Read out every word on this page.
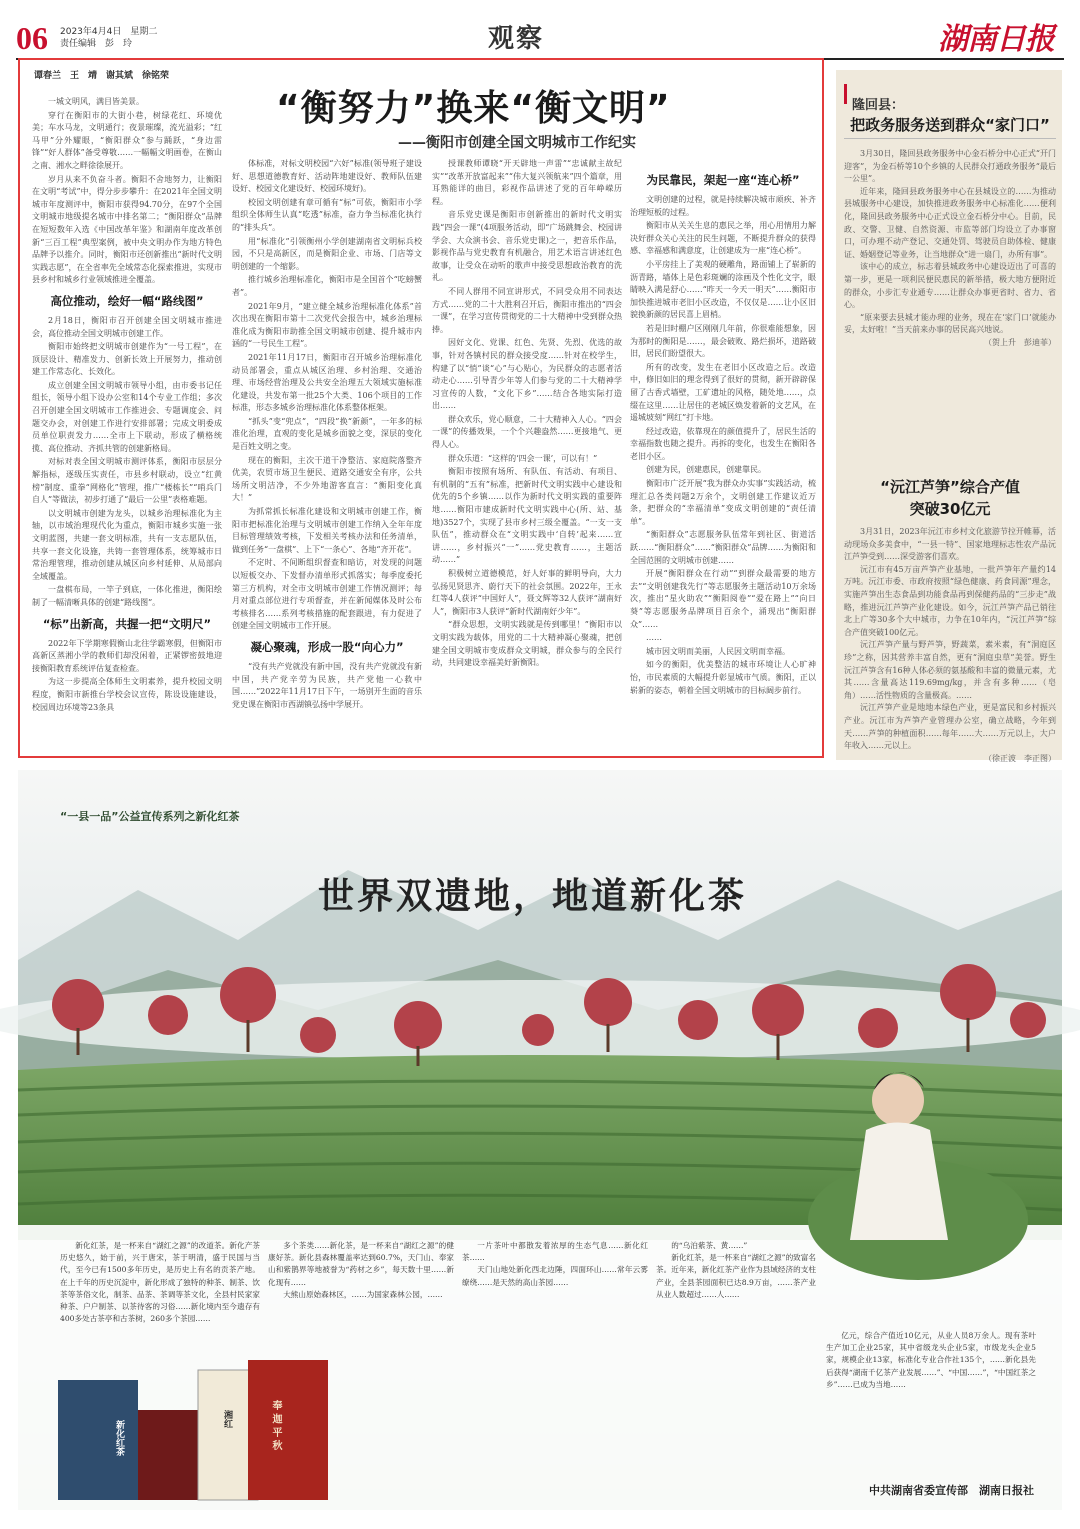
06 2023年4月4日　星期二
责任编辑　彭　玲	观察	湖南日报
谭春兰　王　靖　谢其斌　徐铭荣
“衡努力”换来“衡文明”
——衡阳市创建全国文明城市工作纪实

一城文明风，满目皆美景。

穿行在衡阳市的大街小巷，树绿花红、环境优美；车水马龙，文明通行；夜景璀璨，流光溢彩；“红马甲”分外耀眼，“衡阳群众”参与踊跃，“身边雷锋”“好人群体”备受尊敬……一幅幅文明画卷，在衡山之南、湘水之畔徐徐展开。

岁月从来不负奋斗者。衡阳不舍地努力，让衡阳在文明“考试”中，得分步步攀升：在2021年全国文明城市年度测评中，衡阳市获得94.70分，在97个全国文明城市地级提名城市中排名第二；“衡阳群众”品牌在短短数年入选《中国改革年鉴》和湖南年度改革创新“三百工程”典型案例，被中央文明办作为地方特色品牌予以推介。同时，衡阳市还创新推出“新时代文明实践志愿”，在全省率先全域常态化探索推进，实现市县乡村和城乡行业领域推进全覆盖。

高位推动，绘好一幅“路线图”

2月18日，衡阳市召开创建全国文明城市推进会，高位推动全国文明城市创建工作。

衡阳市始终把文明城市创建作为“一号工程”，在顶层设计、精准发力、创新长效上开展努力，推动创建工作常态化、长效化。

成立创建全国文明城市领导小组，由市委书记任组长，领导小组下设办公室和14个专业工作组；多次召开创建全国文明城市工作推进会、专题调度会、问题交办会，对创建工作进行安排部署；完成文明委成员单位职责发力……全市上下联动，形成了横格统揽、高位推动、齐抓共管的创建新格局。

对标对表全国文明城市测评体系，衡阳市层层分解指标，逐级压实责任，市县乡村联动，设立“红黄榜”制度、重拳“网格化”管理，推广“楼栋长”“哨兵门自人”等做法，初步打通了“最后一公里”表格难题。

以文明城市创建为龙头，以城乡治理标准化为主轴，以市域治理现代化为重点，衡阳市城乡实施一张文明蓝图，共建一套文明标准，共有一支志愿队伍，共享一套文化设施，共铸一套管理体系，统筹城市日常治理管理，推动创建从城区向乡村延伸、从局部向全域覆盖。

一盘棋布局，一竿子到底，一体化推进，衡阳绘制了一幅清晰具体的创建“路线图”。

“标”出新高，共握一把“文明尺”

2022年下学期寒假衡山北往学霸寒假，但衡阳市高新区蒸湘小学的教师们却没闲着，正紧锣密鼓地迎接衡阳教育系统评估复查检查。

为这一步提高全体师生文明素养，提升校园文明程度，衡阳市新推台学校会议宣传，陈设设施建设，校园周边环境等23条具

体标准，对标文明校园“六好”标准(领导班子建设好、思想道德教育好、活动阵地建设好、教师队伍建设好、校园文化建设好、校园环境好)。

校园文明创建有章可循有“标”可依，衡阳市小学组织全体师生认真“吃透”标准，奋力争当标准化执行的“排头兵”。

用“标准化”引领衡州小学创建湖南省文明标兵校园，不只是高新区，而是衡阳企业、市场、门店等文明创建的一个缩影。

推行城乡治理标准化，衡阳市是全国首个“吃螃蟹者”。

2021年9月，“建立健全城乡治理标准化体系”首次出现在衡阳市第十二次党代会报告中，城乡治理标准化成为衡阳市助推全国文明城市创建、提升城市内涵的“一号民生工程”。

2021年11月17日，衡阳市召开城乡治理标准化动员部署会，重点从城区治理、乡村治理、交通治理、市场经营治理及公共安全治理五大领域实施标准化建设，共发布第一批25个大类、106个项目的工作标准，形态多城乡治理标准化体系整体框架。

“抓头”变“兜点”，“四段”换“新颜”，一年多的标准化治理，直观的变化是城乡面貌之变，深层的变化是百姓文明之变。

现在的衡阳，主次干道干净整洁、家庭院落整齐优美，农贸市场卫生便民、道路交通安全有序，公共场所文明洁净，不少外地游客直言：“衡阳变化真大！”

为抓常抓长标准化建设和文明城市创建工作，衡阳市把标准化治理与文明城市创建工作纳入全年年度目标管理绩效考核，下发相关考核办法和任务清单，做到任务“一盘棋”、上下“一条心”、各地“齐开花”。

不定时、不间断组织督查和暗访，对发现的问题以短板交办、下发督办清单形式抓落实；每季度委托第三方机构，对全市文明城市创建工作情况测评；每月对重点部位进行专项督查，并在新闻媒体及时公布考核排名……系列考核措施的配套跟进，有力促进了创建全国文明城市工作开展。

凝心聚魂，形成一股“向心力”

“没有共产党就没有新中国，没有共产党就没有新中国，共产党辛劳为民族，共产党他一心救中国……”2022年11月17日下午，一场别开生面的音乐党史课在衡阳市西湖镇弘扬中学展开。

授课教师谭晓“开天辟地一声雷”“忠诚献主故纪实”“改革开放富起来”“伟大复兴领航来”四个篇章，用耳熟能详的曲目，彩视作品讲述了党的百年峥嵘历程。

音乐党史课是衡阳市创新推出的新时代文明实践“四会一课”(4项服务活动，即“广场跳舞会、校园讲学会、大众演书会、音乐党史课)之一，把音乐作品，影视作品与党史教育有机融合，用艺术语言讲述红色故事，让受众在动听的歌声中接受思想政治教育的洗礼。

不同人群用不同宣讲形式，不同受众用不同表达方式……党的二十大胜利召开后，衡阳市推出的“四会一课”，在学习宣传贯彻党的二十大精神中受到群众热捧。

因好文化、党课、红色、先贤、先烈、优选的故事，针对各镇村民的群众接受度……针对在校学生，构建了以“悄”谈“心”与心贴心，为民群众的志愿者活动走心……引导青少年等人们参与党的二十大精神学习宣传的人数，“文化下乡”……结合各地实际打造出……

群众欢乐，党心顺意，二十大精神入人心。“四会一课”的传播效果，一个个兴趣盎然……更接地气、更得人心。

群众乐道：“这样的‘四会一课’，可以有！”

衡阳市按照有场所、有队伍、有活动、有项目、有机制的“五有”标准，把新时代文明实践中心建设和优先的5个乡镇……以作为新时代文明实践的重要阵地……衡阳市建成新时代文明实践中心(所、站、基地)3527个，实现了县市乡村三级全覆盖。“一支一支队伍”，推动群众在“文明实践中‘自转’起来……宣讲……，乡村振兴“一”……党史教育……，主题活动……”

积极树立道德模范，好人好事的鲜明导向，大力弘扬见贤思齐、蔚行天下的社会氛围。2022年，王永红等4人获评“中国好人”，聂文辉等32人获评“湖南好人”，衡阳市3人获评“新时代湖南好少年”。

“群众思想，文明实践就是传到哪里！”衡阳市以文明实践为载体，用党的二十大精神凝心聚魂，把创建全国文明城市变成群众文明城，群众参与的全民行动，共同建设幸福美好新衡阳。

为民靠民，架起一座“连心桥”

文明创建的过程，就是持续解决城市顽疾、补齐治理短板的过程。

衡阳市从关关生息的惠民之举，用心用情用力解决好群众关心关注的民生问题，不断提升群众的获得感、幸福感和满意度，让创建成为一座“连心桥”。

小平房挂上了美观的硬雕角，路面铺上了崭新的沥青路，墙体上是色彩斑斓的涂画及个性化文字，眼睛映入满是舒心……“昨天一今天一明天”……衡阳市加快推进城市老旧小区改造，不仅仅是……让小区旧貌换新颜的居民喜上眉梢。

若是旧时棚户区刚刚几年前，你很难能想象，因为那时的衡阳是……，最会破败、路烂损坏，道路破旧，居民们盼望很大。

所有的改变，发生在老旧小区改造之后。改造中，修旧如旧的理念得到了很好的贯彻，新开辟辟保留了古香式墙壁，工矿遗址的风格，随处地……，点缀在这里……让居住的老城区焕发着新的文艺风，在遥城坡刻“网红”打卡地。

经过改造，依靠现在的颜值提升了，居民生活的幸福指数也随之提升。再拆的变化，也发生在衡阳各老旧小区。

创建为民，创建惠民，创建靠民。

衡阳市广泛开展“我为群众办实事”实践活动，梳理汇总各类问题2万余个，文明创建工作建议近万条，把群众的“幸福清单”变成文明创建的“责任清单”。

“衡阳群众”志愿服务队伍常年到社区、街道活跃……“衡阳群众”……“衡阳群众”品牌……为衡阳和全国范围的文明城市创建……

开展“衡阳群众在行动”“到群众最需要的地方去”“文明创建我先行”等志愿服务主题活动10万余场次，推出“星火助农”“衡阳阅卷”“爱在路上”“向日葵”等志愿服务品牌项目百余个，涌现出“衡阳群众”……

……

城市因文明而美丽，人民因文明而幸福。

如今的衡阳，优美整洁的城市环境让人心旷神怡，市民素质的大幅提升彰显城市气质。衡阳，正以崭新的姿态，朝着全国文明城市的目标阔步前行。

隆回县：
把政务服务送到群众“家门口”

3月30日，隆回县政务服务中心金石桥分中心正式“开门迎客”，为金石桥等10个乡镇的人民群众打通政务服务“最后一公里”。

近年来，隆回县政务服务中心在县城设立的……为推动县城服务中心建设，加快推进政务服务中心标准化……便利化，隆回县政务服务中心正式设立金石桥分中心。目前，民政、交警、卫健、自然资源、市监等部门均设立了办事窗口，可办理不动产登记、交通处罚、驾驶员自助体检、健康证、婚姻登记等业务，让当地群众“进一扇门，办所有事”。

该中心的成立，标志着县城政务中心建设迈出了可喜的第一步，更是一项利民便民惠民的新举措，极大地方便附近的群众，小步汇专业通专……让群众办事更省时、省力、省心。

“原来要去县城才能办理的业务，现在在‘家门口’就能办妥，太好啦！”当天前来办事的居民高兴地说。

（贺上升　彭迪菲）
“沅江芦笋”综合产值
突破30亿元

3月31日，2023年沅江市乡村文化旅游节拉开帷幕，活动现场众多美食中，“一县一特”、国家地理标志性农产品沅江芦笋受到……深受游客们喜欢。

沅江市有45万亩芦笋产业基地，一批芦笋年产量约14万吨。沅江市委、市政府按照“绿色健康、药食同源”理念，实施芦笋出生态食品到功能食品再到保健药品的“三步走”战略，推进沅江芦笋产业化建设。如今，沅江芦笋产品已销往北上广等30多个大中城市，力争在10年内，“沅江芦笋”综合产值突破100亿元。

沅江芦笋产量与野芦笋，野蔬菜，素米素，有“洞庭区珍”之称，因其营养丰富自然，更有“洞庭虫草”美誉。野生沅江芦笋含有16种人体必须的氨基酸和丰富的微量元素，尤其……含量高达119.69mg/kg，并含有多种……（皂角）……活性物质的含量极高。……

沅江芦笋产业是地地本绿色产业，更是富民和乡村振兴产业。沅江市为芦笋产业管理办公室，确立战略，今年到天……芦笋的种植面积……每年……大……万元以上，大户年收入……元以上。

（徐正波　李正图）
“一县一品”公益宣传系列之新化红茶
世界双遗地，地道新化茶

新化红茶，是一杯来自“湖红之源”的改道茶。新化产茶历史悠久，始于前，兴于唐宋，茶于明清，盛于民国与当代，至今已有1500多年历史，是历史上有名的贡茶产地。在上千年的历史沉淀中，新化形成了独特的种茶、制茶、饮茶等茶俗文化，制茶、品茶、茶调等茶文化，全县村民家家种茶、户户制茶、以茶待客的习俗……新化境内至今遗存有400多处古茶亭和古茶树，260多个茶园……

多个茶类……新化茶，是一杯来自“湖红之源”的健康好茶。新化县森林覆盖率达到60.7%，天门山、奉家山和紫鹊界等地被誉为“药材之乡”，每天数十里……新化现有……

大熊山原始森林区，……为国家森林公园，……

一片茶叶中都散发着浓厚的生态气息……新化红茶……

天门山地处新化西北边陲，四面环山……常年云雾缭绕……是天然的高山茶园……

的“乌泊紫茶、黄……”

新化红茶，是一杯来自“湖红之源”的致富名茶。近年来，新化红茶产业作为县域经济的支柱产业，全县茶园面积已达8.9万亩，……茶产业从业人数超过……人……

亿元，综合产值近10亿元，从业人员8万余人。现有茶叶生产加工企业25家，其中省级龙头企业5家，市级龙头企业5家，规模企业13家，标准化专业合作社135个，……新化县先后获得“湖南千亿茶产业发展……”、“中国……”，“中国红茶之乡”……已成为当地……

新化红茶
湘红	奉 迦 平 秋
中共湖南省委宣传部　湖南日报社
